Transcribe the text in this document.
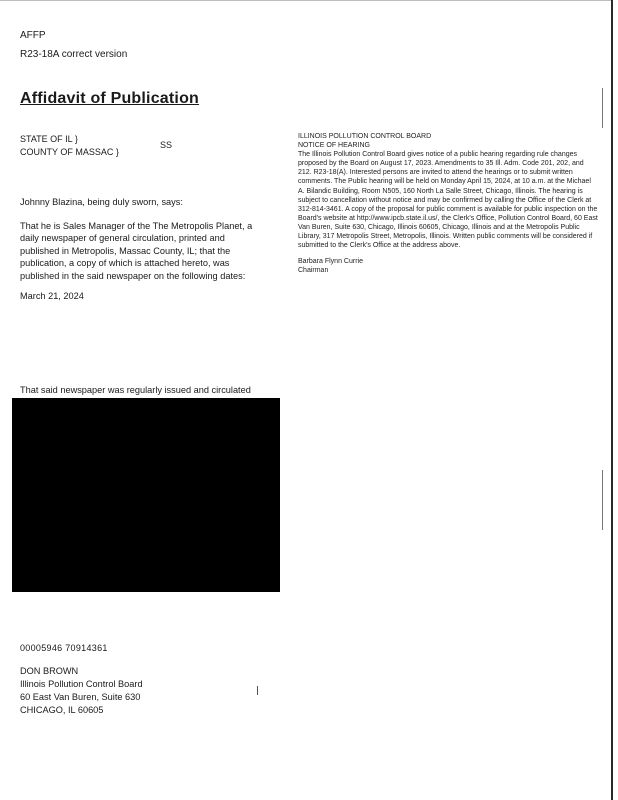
AFFP
R23-18A correct version
Affidavit of Publication
STATE OF IL }
COUNTY OF MASSAC }
SS
Johnny Blazina, being duly sworn, says:
That he is Sales Manager of the The Metropolis Planet, a
daily newspaper of general circulation, printed and
published in Metropolis, Massac County, IL; that the
publication, a copy of which is attached hereto, was
published in the said newspaper on the following dates:
March 21, 2024
That said newspaper was regularly issued and circulated
00005946 70914361
DON BROWN
Illinois Pollution Control Board
60 East Van Buren, Suite 630
CHICAGO, IL 60605
ILLINOIS POLLUTION CONTROL BOARD
NOTICE OF HEARING

The Illinois Pollution Control Board gives notice of a public hearing regarding rule changes proposed by the Board on August 17, 2023. Amendments to 35 Ill. Adm. Code 201, 202, and 212. R23-18(A). Interested persons are invited to attend the hearings or to submit written comments. The Public hearing will be held on Monday April 15, 2024, at 10 a.m. at the Michael A. Bilandic Building, Room N505, 160 North La Salle Street, Chicago, Illinois. The hearing is subject to cancellation without notice and may be confirmed by calling the Office of the Clerk at 312-814-3461. A copy of the proposal for public comment is available for public inspection on the Board's website at http://www.ipcb.state.il.us/, the Clerk's Office, Pollution Control Board, 60 East Van Buren, Suite 630, Chicago, Illinois 60605, Chicago, Illinois and at the Metropolis Public Library, 317 Metropolis Street, Metropolis, Illinois. Written public comments will be considered if submitted to the Clerk's Office at the address above.

Barbara Flynn Currie
Chairman
